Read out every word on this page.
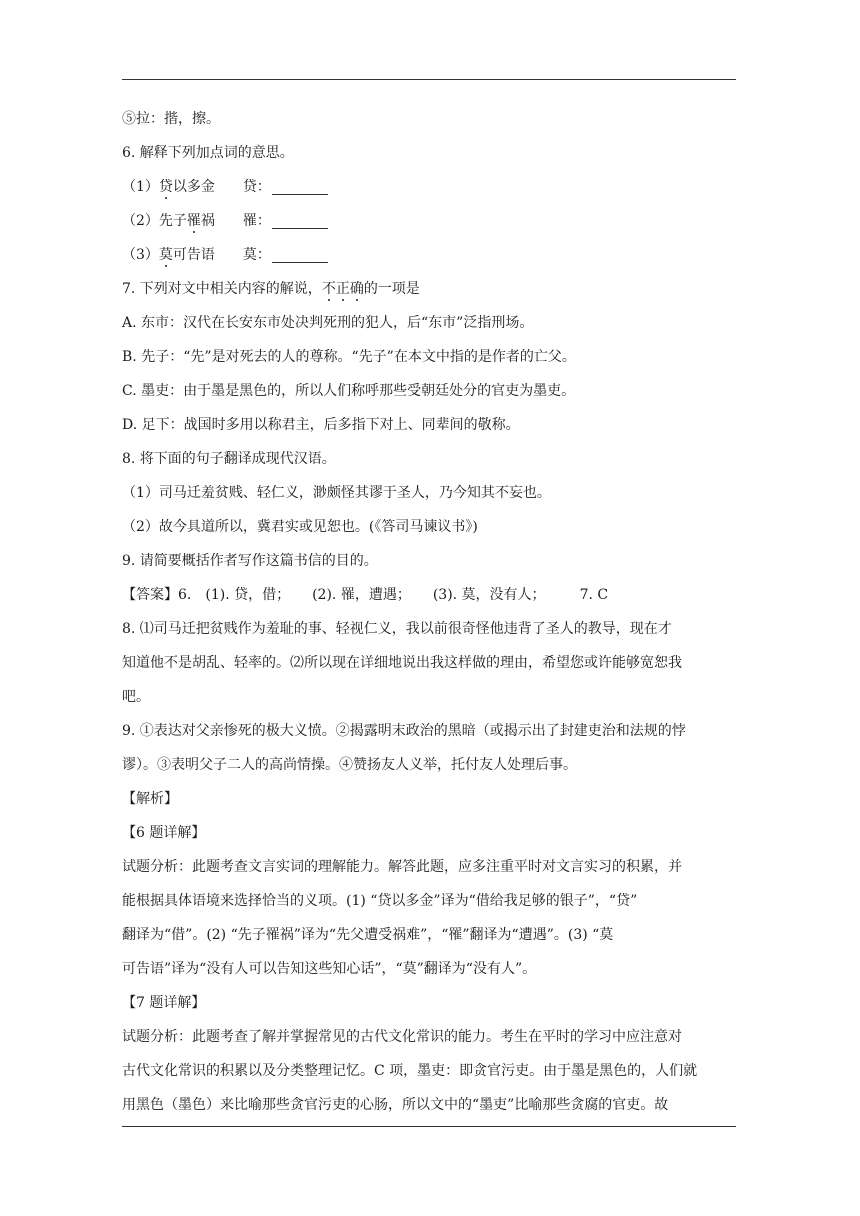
⑤拉：揩，擦。
6. 解释下列加点词的意思。
（1）贷以多金 贷：
（2）先子罹祸 罹：
（3）莫可告语 莫：
7. 下列对文中相关内容的解说，不正确的一项是
A. 东市：汉代在长安东市处决判死刑的犯人，后“东市”泛指刑场。
B. 先子：“先”是对死去的人的尊称。“先子”在本文中指的是作者的亡父。
C. 墨吏：由于墨是黑色的，所以人们称呼那些受朝廷处分的官吏为墨吏。
D. 足下：战国时多用以称君主，后多指下对上、同辈间的敬称。
8. 将下面的句子翻译成现代汉语。
（1）司马迁羞贫贱、轻仁义，渺颇怪其谬于圣人，乃今知其不妄也。
（2）故今具道所以，冀君实或见恕也。(《答司马谏议书》)
9. 请简要概括作者写作这篇书信的目的。
【答案】6. (1). 贷，借； (2). 罹，遭遇； (3). 莫，没有人； 7. C
8. ⑴司马迁把贫贱作为羞耻的事、轻视仁义，我以前很奇怪他违背了圣人的教导，现在才
知道他不是胡乱、轻率的。⑵所以现在详细地说出我这样做的理由，希望您或许能够宽恕我
吧。
9. ①表达对父亲惨死的极大义愤。②揭露明末政治的黑暗（或揭示出了封建吏治和法规的悖
谬）。③表明父子二人的高尚情操。④赞扬友人义举，托付友人处理后事。
【解析】
【6 题详解】
试题分析：此题考查文言实词的理解能力。解答此题，应多注重平时对文言实习的积累，并
能根据具体语境来选择恰当的义项。(1) “贷以多金”译为“借给我足够的银子”，“贷”
翻译为“借”。(2) “先子罹祸”译为“先父遭受祸难”，“罹”翻译为“遭遇”。(3) “莫
可告语”译为“没有人可以告知这些知心话”，“莫”翻译为“没有人”。
【7 题详解】
试题分析：此题考查了解并掌握常见的古代文化常识的能力。考生在平时的学习中应注意对
古代文化常识的积累以及分类整理记忆。C 项，墨吏：即贪官污吏。由于墨是黑色的，人们就
用黑色（墨色）来比喻那些贪官污吏的心肠，所以文中的“墨吏”比喻那些贪腐的官吏。故
